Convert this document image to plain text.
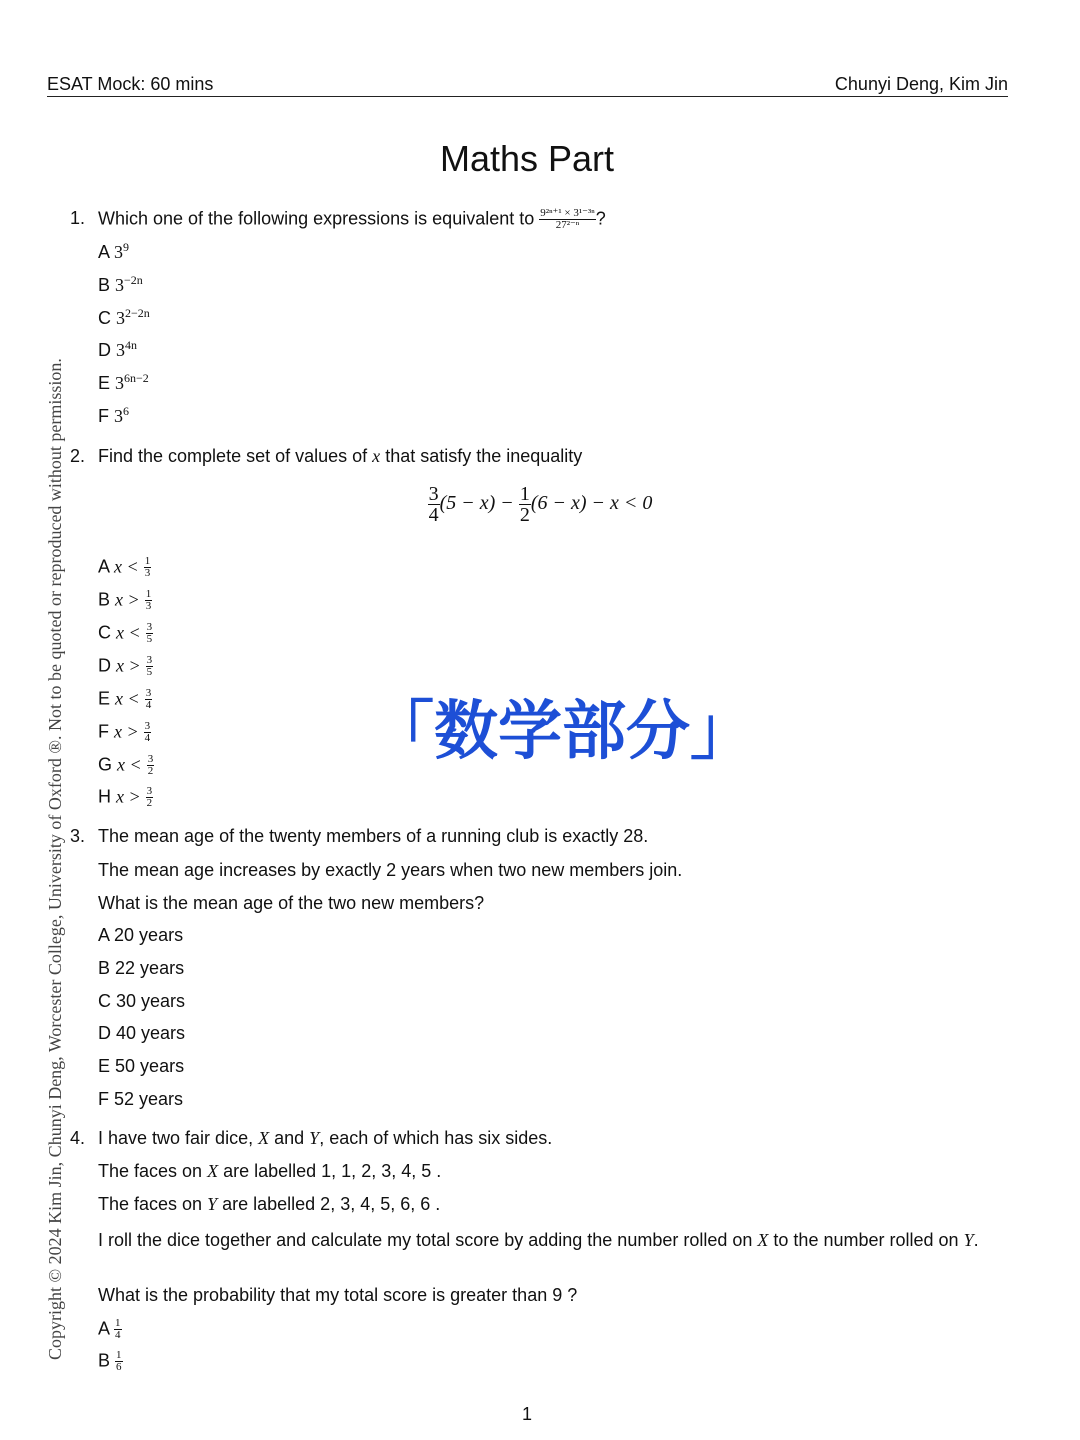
ESAT Mock: 60 mins	Chunyi Deng, Kim Jin
Copyright © 2024 Kim Jin, Chunyi Deng, Worcester College, University of Oxford ®. Not to be quoted or reproduced without permission.
Maths Part
1. Which one of the following expressions is equivalent to $\frac{\text{9²ⁿ⁺¹ × 3¹⁻³ⁿ}}{\text{27²⁻ⁿ}}$ ?
A $3^9$
B $3^{-2n}$
C $3^{2-2n}$
D $3^{4n}$
E $3^{6n-2}$
F $3^6$
2. Find the complete set of values of x that satisfy the inequality
$\frac{3}{4} (5 - x) - \frac{1}{2} (6 - x) - x < 0$
A $x < \frac{1}{3}$
B $x > \frac{1}{3}$
C $x < \frac{3}{5}$
D $x > \frac{3}{5}$
E $x < \frac{3}{4}$
F $x > \frac{3}{4}$
G $x < \frac{3}{2}$
H $x > \frac{3}{2}$
「数学部分」
3. The mean age of the twenty members of a running club is exactly 28.
The mean age increases by exactly 2 years when two new members join.
What is the mean age of the two new members?
A 20 years
B 22 years
C 30 years
D 40 years
E 50 years
F 52 years
4. I have two fair dice, X and Y, each of which has six sides.
The faces on X are labelled 1, 1, 2, 3, 4, 5 .
The faces on Y are labelled 2, 3, 4, 5, 6, 6 .
I roll the dice together and calculate my total score by adding the number rolled on X to the number rolled on Y.
What is the probability that my total score is greater than 9 ?
A $\frac{1}{4}$
B $\frac{1}{6}$
1
